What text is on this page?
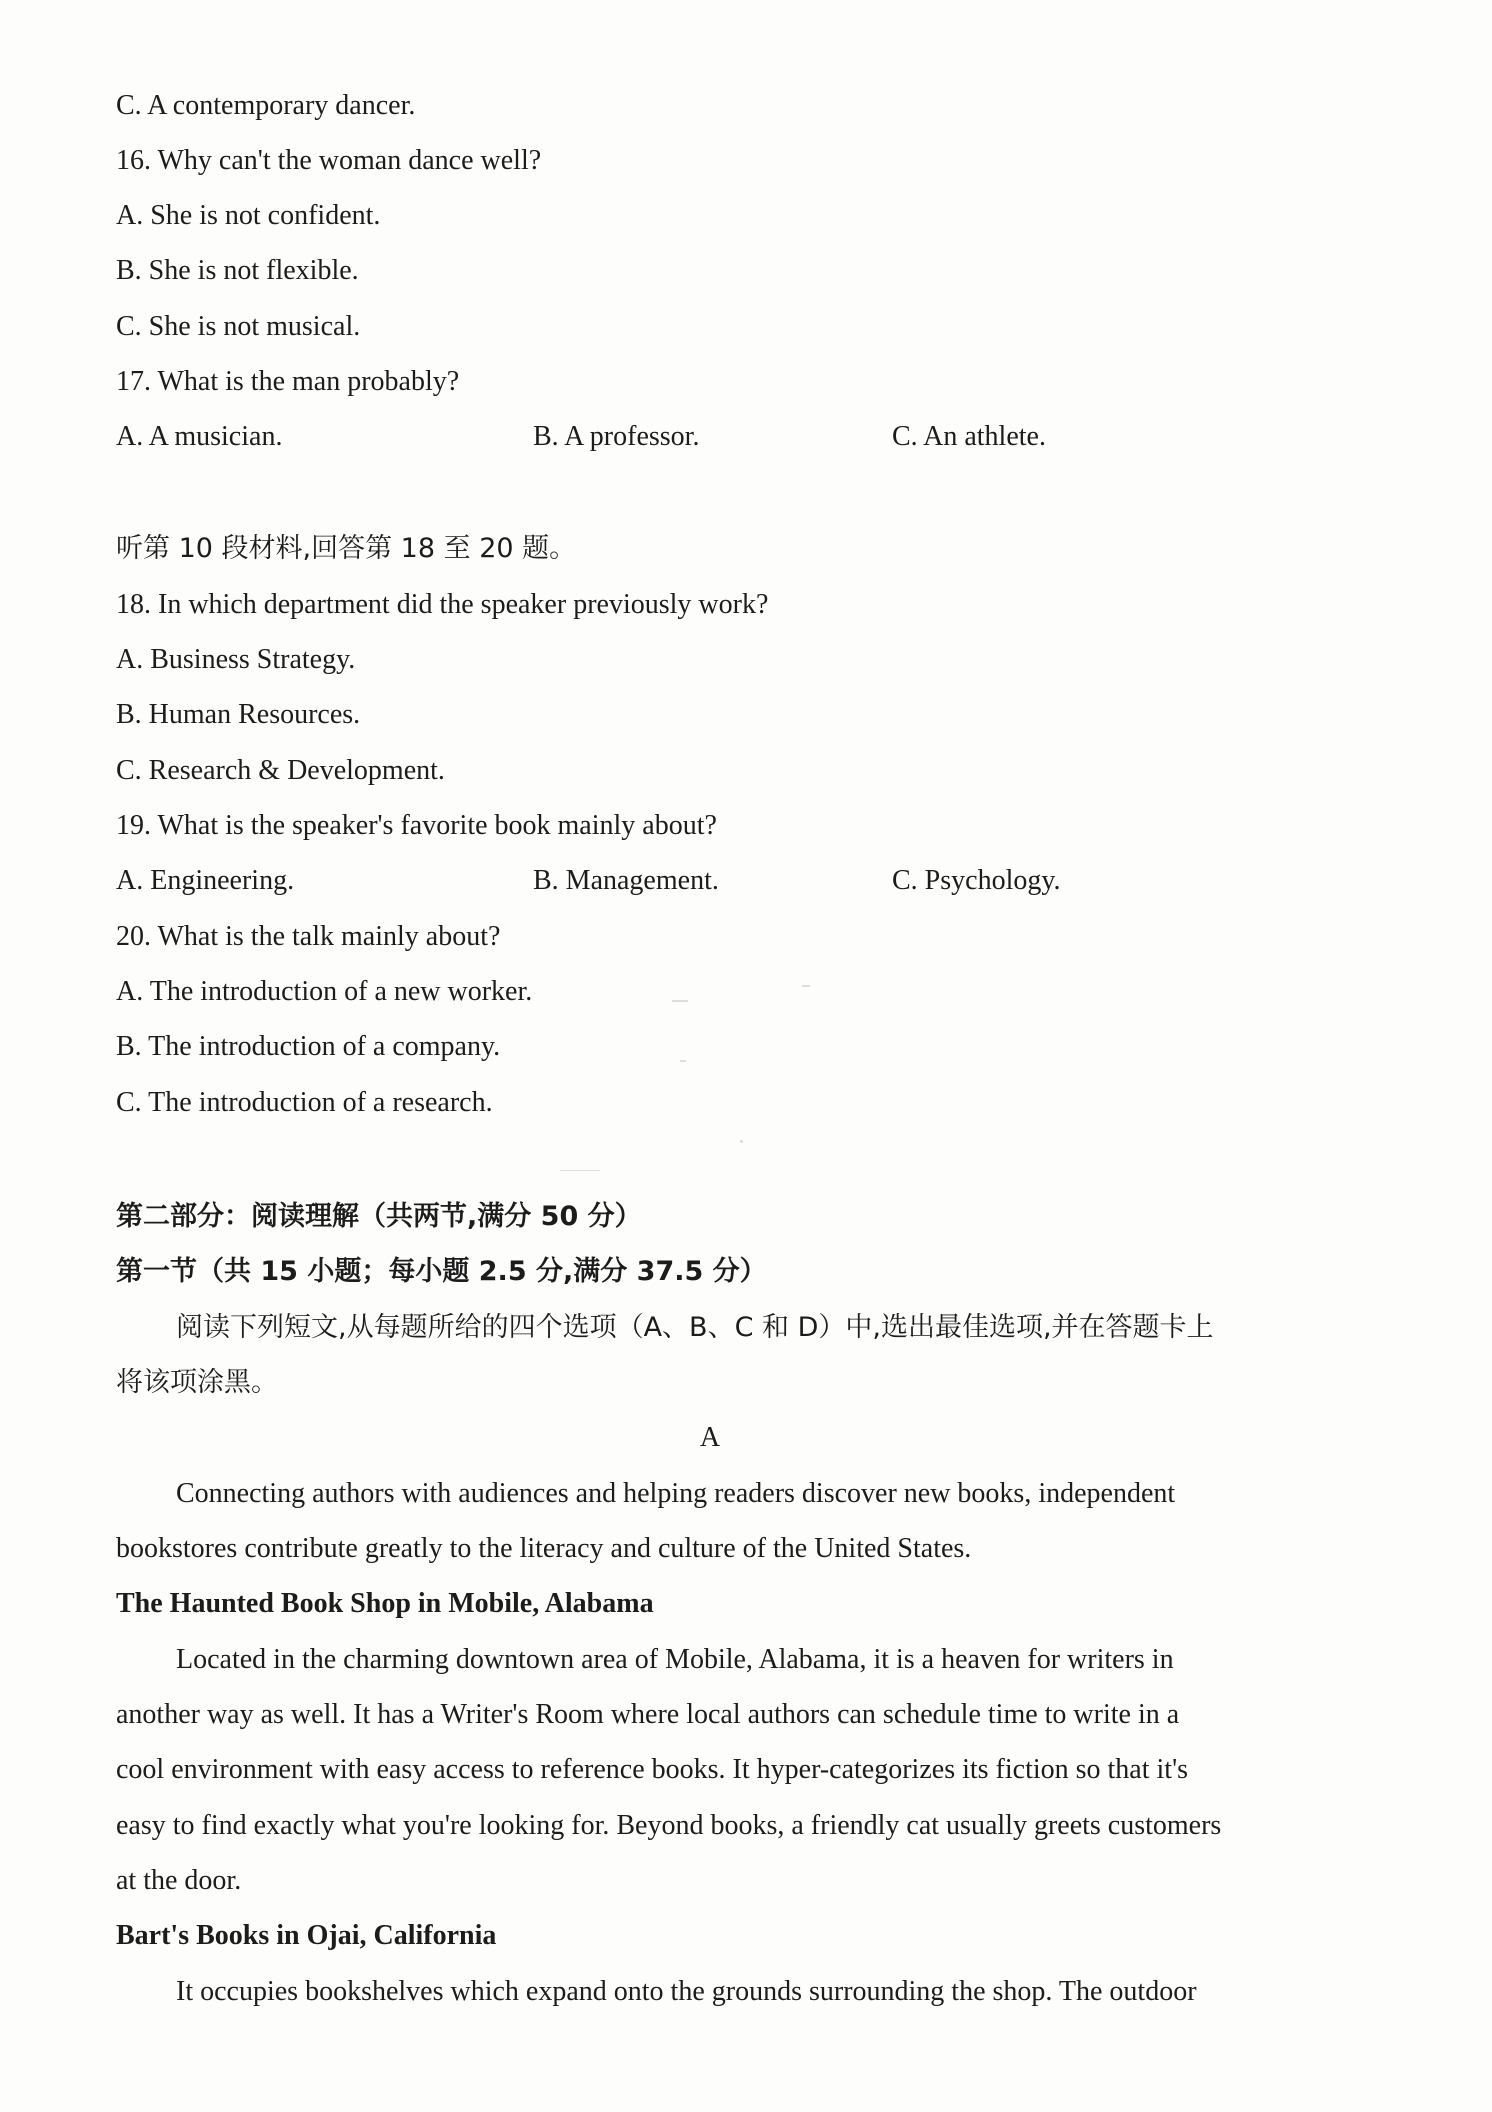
C. A contemporary dancer.
16. Why can't the woman dance well?
A. She is not confident.
B. She is not flexible.
C. She is not musical.
17. What is the man probably?
A. A musician.	B. A professor.	C. An athlete.
听第 10 段材料,回答第 18 至 20 题。
18. In which department did the speaker previously work?
A. Business Strategy.
B. Human Resources.
C. Research & Development.
19. What is the speaker's favorite book mainly about?
A. Engineering.	B. Management.	C. Psychology.
20. What is the talk mainly about?
A. The introduction of a new worker.
B. The introduction of a company.
C. The introduction of a research.
第二部分：阅读理解（共两节,满分 50 分）
第一节（共 15 小题；每小题 2.5 分,满分 37.5 分）
阅读下列短文,从每题所给的四个选项（A、B、C 和 D）中,选出最佳选项,并在答题卡上
将该项涂黑。
A
Connecting authors with audiences and helping readers discover new books, independent
bookstores contribute greatly to the literacy and culture of the United States.
The Haunted Book Shop in Mobile, Alabama
Located in the charming downtown area of Mobile, Alabama, it is a heaven for writers in
another way as well. It has a Writer's Room where local authors can schedule time to write in a
cool environment with easy access to reference books. It hyper-categorizes its fiction so that it's
easy to find exactly what you're looking for. Beyond books, a friendly cat usually greets customers
at the door.
Bart's Books in Ojai, California
It occupies bookshelves which expand onto the grounds surrounding the shop. The outdoor
